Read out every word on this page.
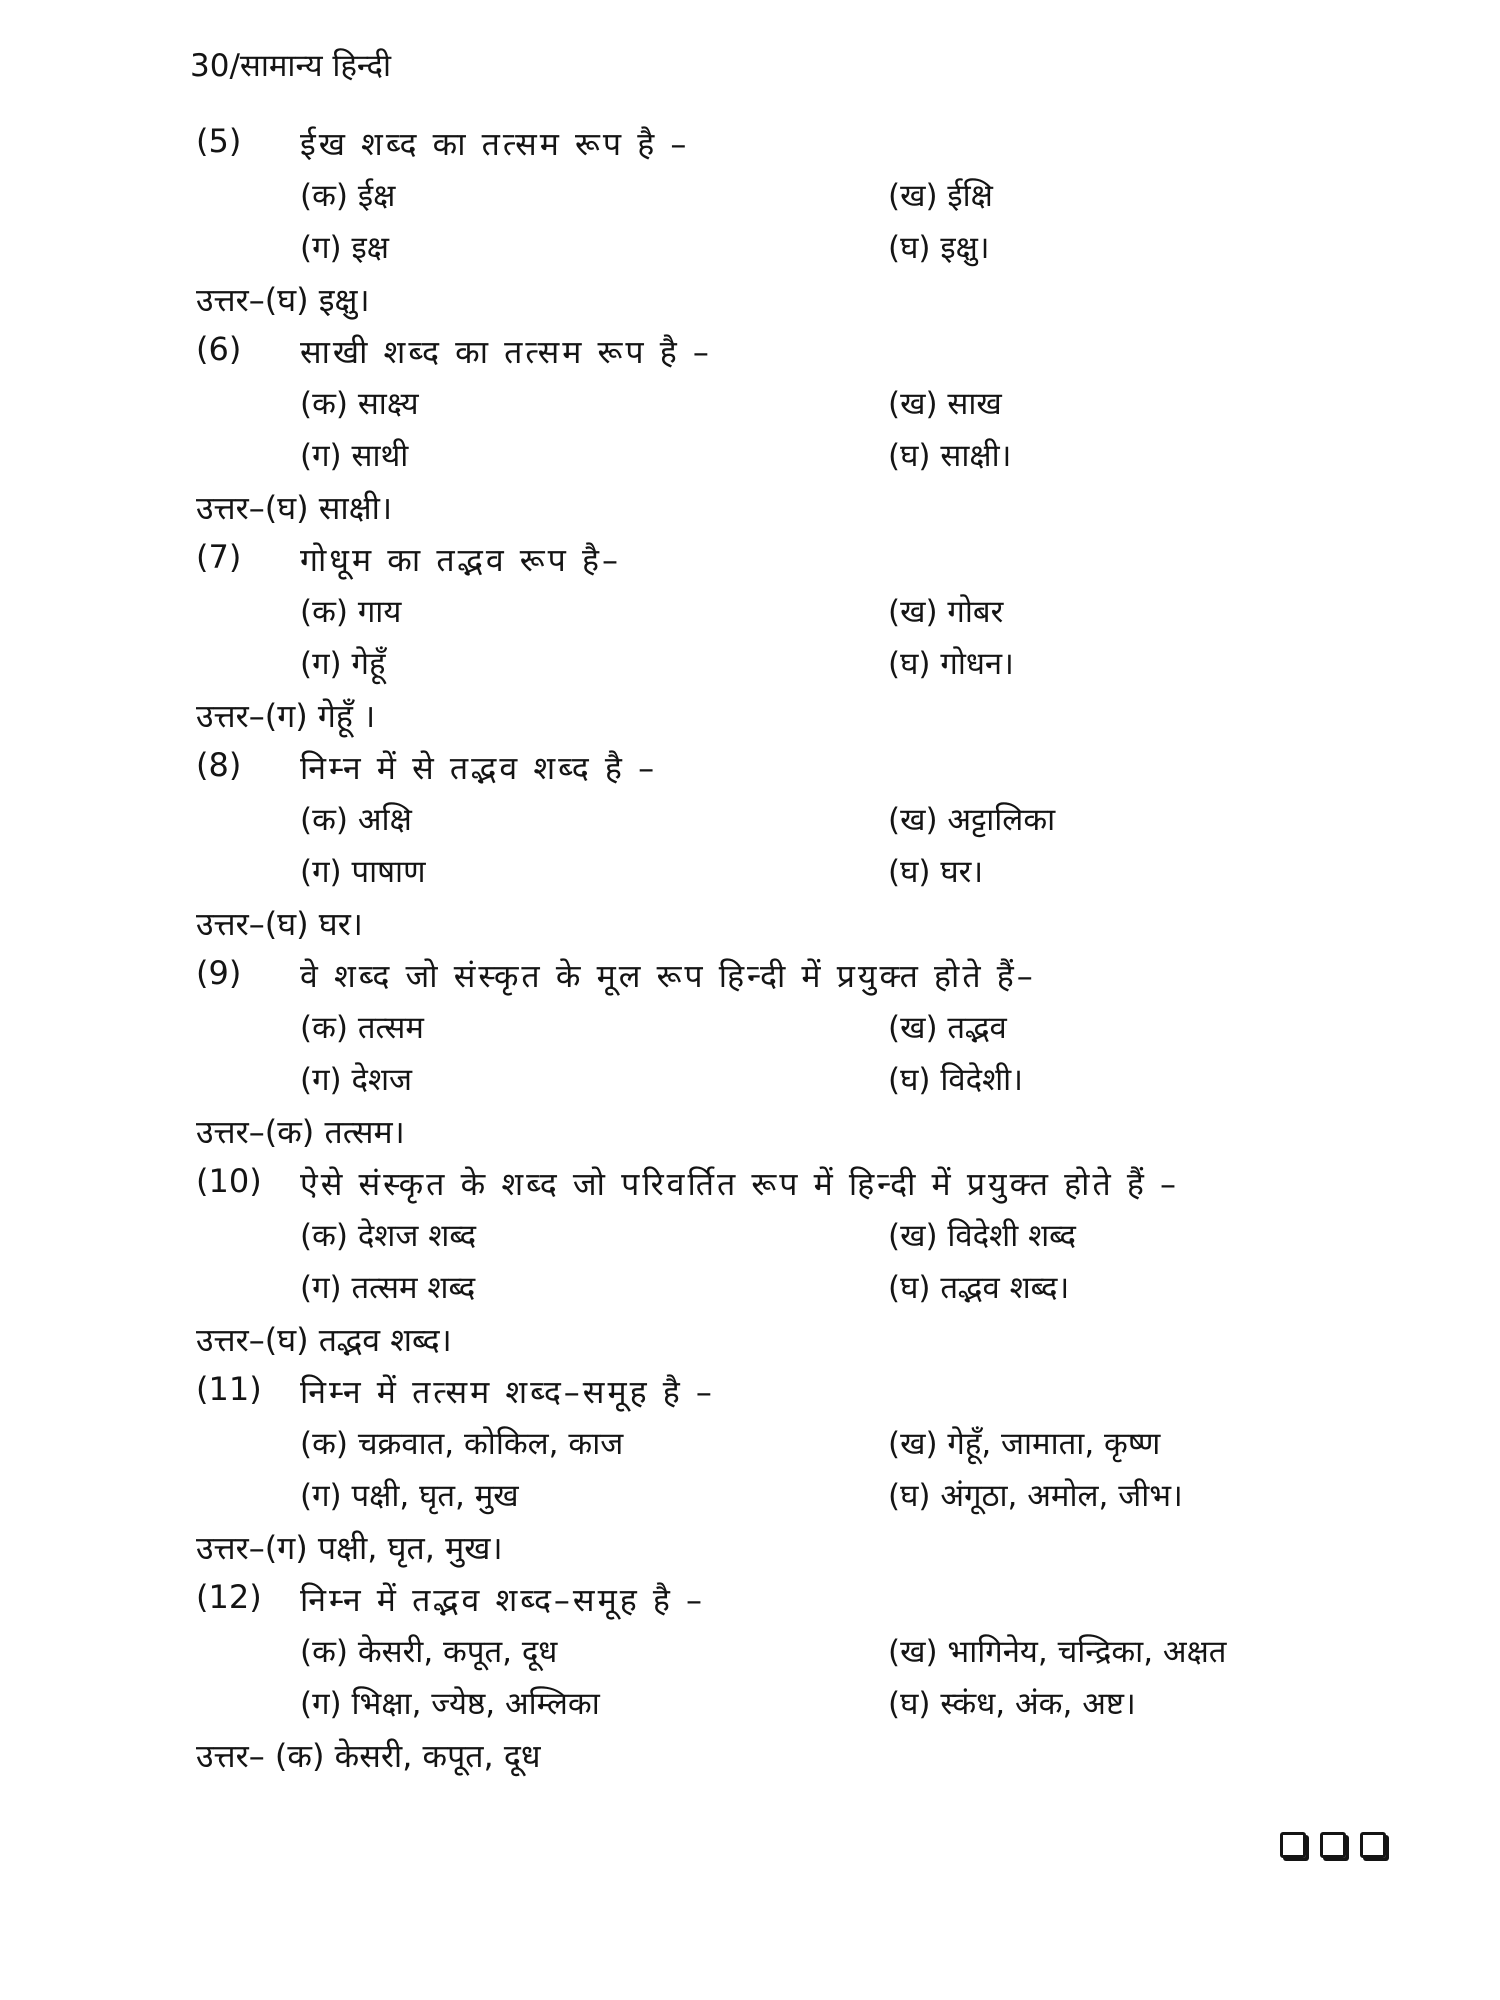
30/सामान्य हिन्दी
(5) ईख शब्द का तत्सम रूप है –
(क) ईक्ष	(ख) ईक्षि
(ग) इक्ष	(घ) इक्षु।
उत्तर–(घ) इक्षु।
(6) साखी शब्द का तत्सम रूप है –
(क) साक्ष्य	(ख) साख
(ग) साथी	(घ) साक्षी।
उत्तर–(घ) साक्षी।
(7) गोधूम का तद्भव रूप है–
(क) गाय	(ख) गोबर
(ग) गेहूँ	(घ) गोधन।
उत्तर–(ग) गेहूँ ।
(8) निम्न में से तद्भव शब्द है –
(क) अक्षि	(ख) अट्टालिका
(ग) पाषाण	(घ) घर।
उत्तर–(घ) घर।
(9) वे शब्द जो संस्कृत के मूल रूप हिन्दी में प्रयुक्त होते हैं–
(क) तत्सम	(ख) तद्भव
(ग) देशज	(घ) विदेशी।
उत्तर–(क) तत्सम।
(10) ऐसे संस्कृत के शब्द जो परिवर्तित रूप में हिन्दी में प्रयुक्त होते हैं –
(क) देशज शब्द	(ख) विदेशी शब्द
(ग) तत्सम शब्द	(घ) तद्भव शब्द।
उत्तर–(घ) तद्भव शब्द।
(11) निम्न में तत्सम शब्द–समूह है –
(क) चक्रवात, कोकिल, काज	(ख) गेहूँ, जामाता, कृष्ण
(ग) पक्षी, घृत, मुख	(घ) अंगूठा, अमोल, जीभ।
उत्तर–(ग) पक्षी, घृत, मुख।
(12) निम्न में तद्भव शब्द–समूह है –
(क) केसरी, कपूत, दूध	(ख) भागिनेय, चन्द्रिका, अक्षत
(ग) भिक्षा, ज्येष्ठ, अम्लिका	(घ) स्कंध, अंक, अष्ट।
उत्तर– (क) केसरी, कपूत, दूध
